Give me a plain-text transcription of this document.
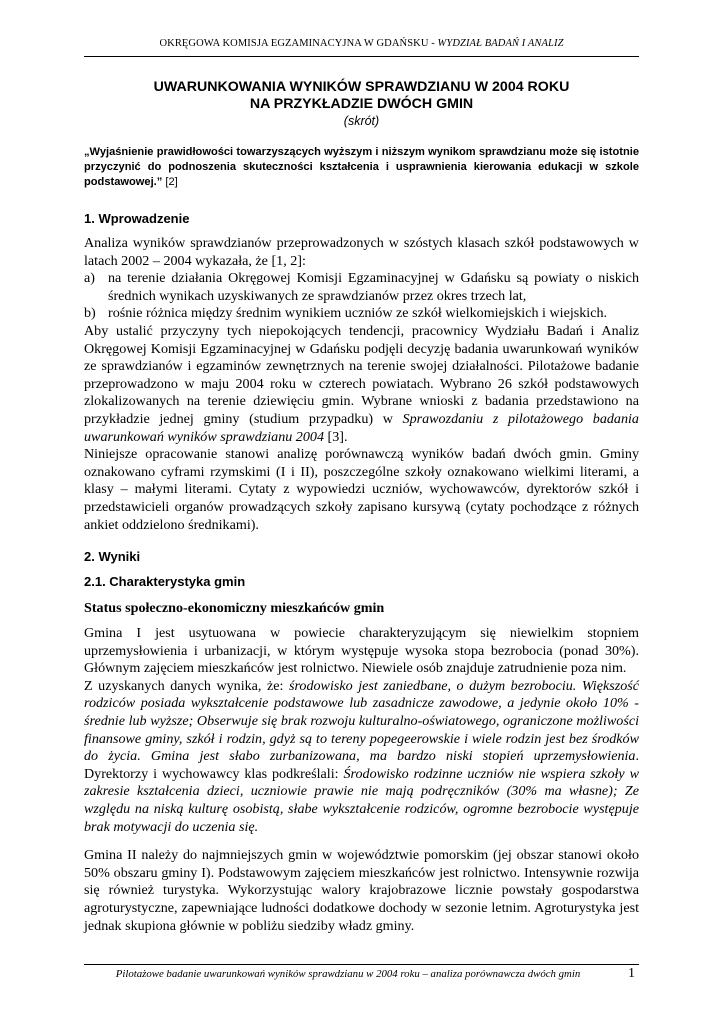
OKRĘGOWA KOMISJA EGZAMINACYJNA W GDAŃSKU - WYDZIAŁ BADAŃ I ANALIZ
UWARUNKOWANIA WYNIKÓW SPRAWDZIANU W 2004 ROKU
NA PRZYKŁADZIE DWÓCH GMIN
(skrót)
„Wyjaśnienie prawidłowości towarzyszących wyższym i niższym wynikom sprawdzianu może się istotnie przyczynić do podnoszenia skuteczności kształcenia i usprawnienia kierowania edukacji w szkole podstawowej.” [2]
1. Wprowadzenie

Analiza wyników sprawdzianów przeprowadzonych w szóstych klasach szkół podstawowych w latach 2002 – 2004 wykazała, że [1, 2]:

a) na terenie działania Okręgowej Komisji Egzaminacyjnej w Gdańsku są powiaty o niskich średnich wynikach uzyskiwanych ze sprawdzianów przez okres trzech lat,
b) rośnie różnica między średnim wynikiem uczniów ze szkół wielkomiejskich i wiejskich.

Aby ustalić przyczyny tych niepokojących tendencji, pracownicy Wydziału Badań i Analiz Okręgowej Komisji Egzaminacyjnej w Gdańsku podjęli decyzję badania uwarunkowań wyników ze sprawdzianów i egzaminów zewnętrznych na terenie swojej działalności. Pilotażowe badanie przeprowadzono w maju 2004 roku w czterech powiatach. Wybrano 26 szkół podstawowych zlokalizowanych na terenie dziewięciu gmin. Wybrane wnioski z badania przedstawiono na przykładzie jednej gminy (studium przypadku) w Sprawozdaniu z pilotażowego badania uwarunkowań wyników sprawdzianu 2004 [3].

Niniejsze opracowanie stanowi analizę porównawczą wyników badań dwóch gmin. Gminy oznakowano cyframi rzymskimi (I i II), poszczególne szkoły oznakowano wielkimi literami, a klasy – małymi literami. Cytaty z wypowiedzi uczniów, wychowawców, dyrektorów szkół i przedstawicieli organów prowadzących szkoły zapisano kursywą (cytaty pochodzące z różnych ankiet oddzielono średnikami).

2. Wyniki
2.1. Charakterystyka gmin

Status społeczno-ekonomiczny mieszkańców gmin

Gmina I jest usytuowana w powiecie charakteryzującym się niewielkim stopniem uprzemysłowienia i urbanizacji, w którym występuje wysoka stopa bezrobocia (ponad 30%). Głównym zajęciem mieszkańców jest rolnictwo. Niewiele osób znajduje zatrudnienie poza nim.

Z uzyskanych danych wynika, że: środowisko jest zaniedbane, o dużym bezrobociu. Większość rodziców posiada wykształcenie podstawowe lub zasadnicze zawodowe, a jedynie około 10% - średnie lub wyższe; Obserwuje się brak rozwoju kulturalno-oświatowego, ograniczone możliwości finansowe gminy, szkół i rodzin, gdyż są to tereny popegeerowskie i wiele rodzin jest bez środków do życia. Gmina jest słabo zurbanizowana, ma bardzo niski stopień uprzemysłowienia. Dyrektorzy i wychowawcy klas podkreślali: Środowisko rodzinne uczniów nie wspiera szkoły w zakresie kształcenia dzieci, uczniowie prawie nie mają podręczników (30% ma własne); Ze względu na niską kulturę osobistą, słabe wykształcenie rodziców, ogromne bezrobocie występuje brak motywacji do uczenia się.

Gmina II należy do najmniejszych gmin w województwie pomorskim (jej obszar stanowi około 50% obszaru gminy I). Podstawowym zajęciem mieszkańców jest rolnictwo. Intensywnie rozwija się również turystyka. Wykorzystując walory krajobrazowe licznie powstały gospodarstwa agroturystyczne, zapewniające ludności dodatkowe dochody w sezonie letnim. Agroturystyka jest jednak skupiona głównie w pobliżu siedziby władz gminy.

Pilotażowe badanie uwarunkowań wyników sprawdzianu w 2004 roku – analiza porównawcza dwóch gmin	1
